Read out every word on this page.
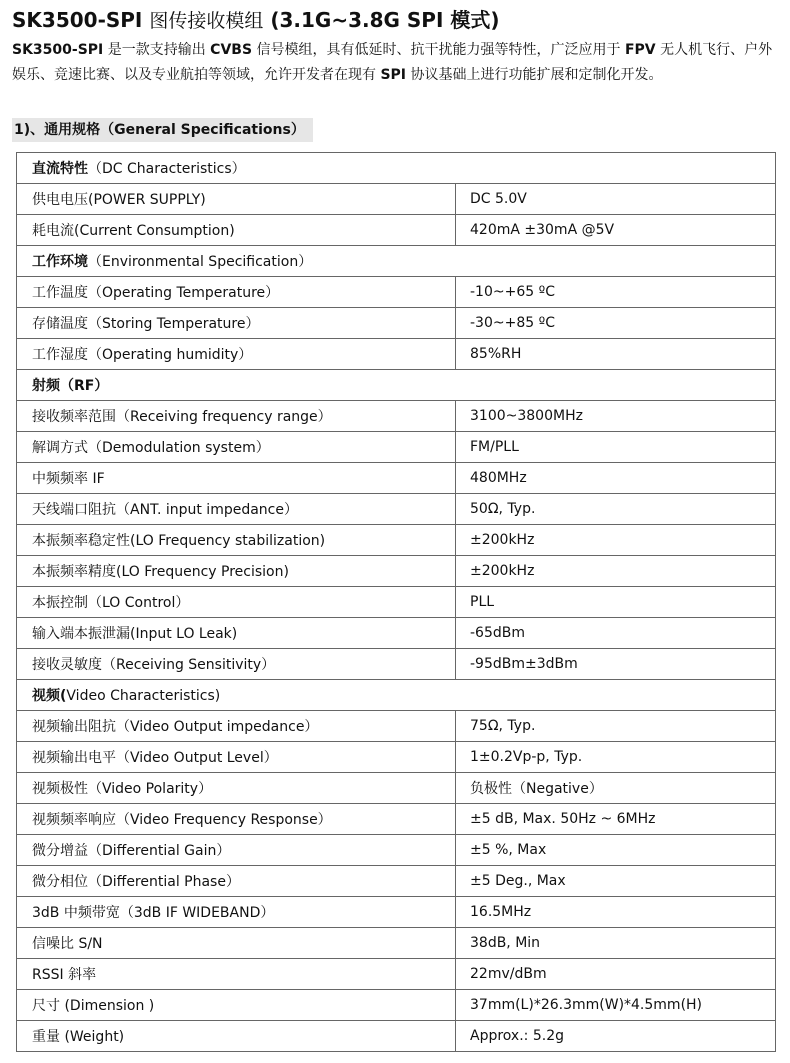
SK3500-SPI 图传接收模组 (3.1G~3.8G SPI 模式)
SK3500-SPI 是一款支持输出 CVBS 信号模组，具有低延时、抗干扰能力强等特性，广泛应用于 FPV 无人机飞行、户外娱乐、竞速比赛、以及专业航拍等领域，允许开发者在现有 SPI 协议基础上进行功能扩展和定制化开发。
1)、通用规格（General Specifications）
直流特性（DC Characteristics）	
供电电压(POWER SUPPLY)	DC 5.0V
耗电流(Current Consumption)	420mA ±30mA @5V
工作环境（Environmental Specification）	
工作温度（Operating Temperature）	-10~+65 ºC
存储温度（Storing Temperature）	-30~+85 ºC
工作湿度（Operating humidity）	85%RH
射频（RF）	
接收频率范围（Receiving frequency range）	3100~3800MHz
解调方式（Demodulation system）	FM/PLL
中频频率 IF	480MHz
天线端口阻抗（ANT. input impedance）	50Ω, Typ.
本振频率稳定性(LO Frequency stabilization)	±200kHz
本振频率精度(LO Frequency Precision)	±200kHz
本振控制（LO Control）	PLL
输入端本振泄漏(Input LO Leak)	-65dBm
接收灵敏度（Receiving Sensitivity）	-95dBm±3dBm
视频(Video Characteristics)	
视频输出阻抗（Video Output impedance）	75Ω, Typ.
视频输出电平（Video Output Level）	1±0.2Vp-p, Typ.
视频极性（Video Polarity）	负极性（Negative）
视频频率响应（Video Frequency Response）	±5 dB, Max. 50Hz ~ 6MHz
微分增益（Differential Gain）	±5 %, Max
微分相位（Differential Phase）	±5 Deg., Max
3dB 中频带宽（3dB IF WIDEBAND）	16.5MHz
信噪比 S/N	38dB, Min
RSSI 斜率	22mv/dBm
尺寸 (Dimension )	37mm(L)*26.3mm(W)*4.5mm(H)
重量 (Weight)	Approx.: 5.2g
